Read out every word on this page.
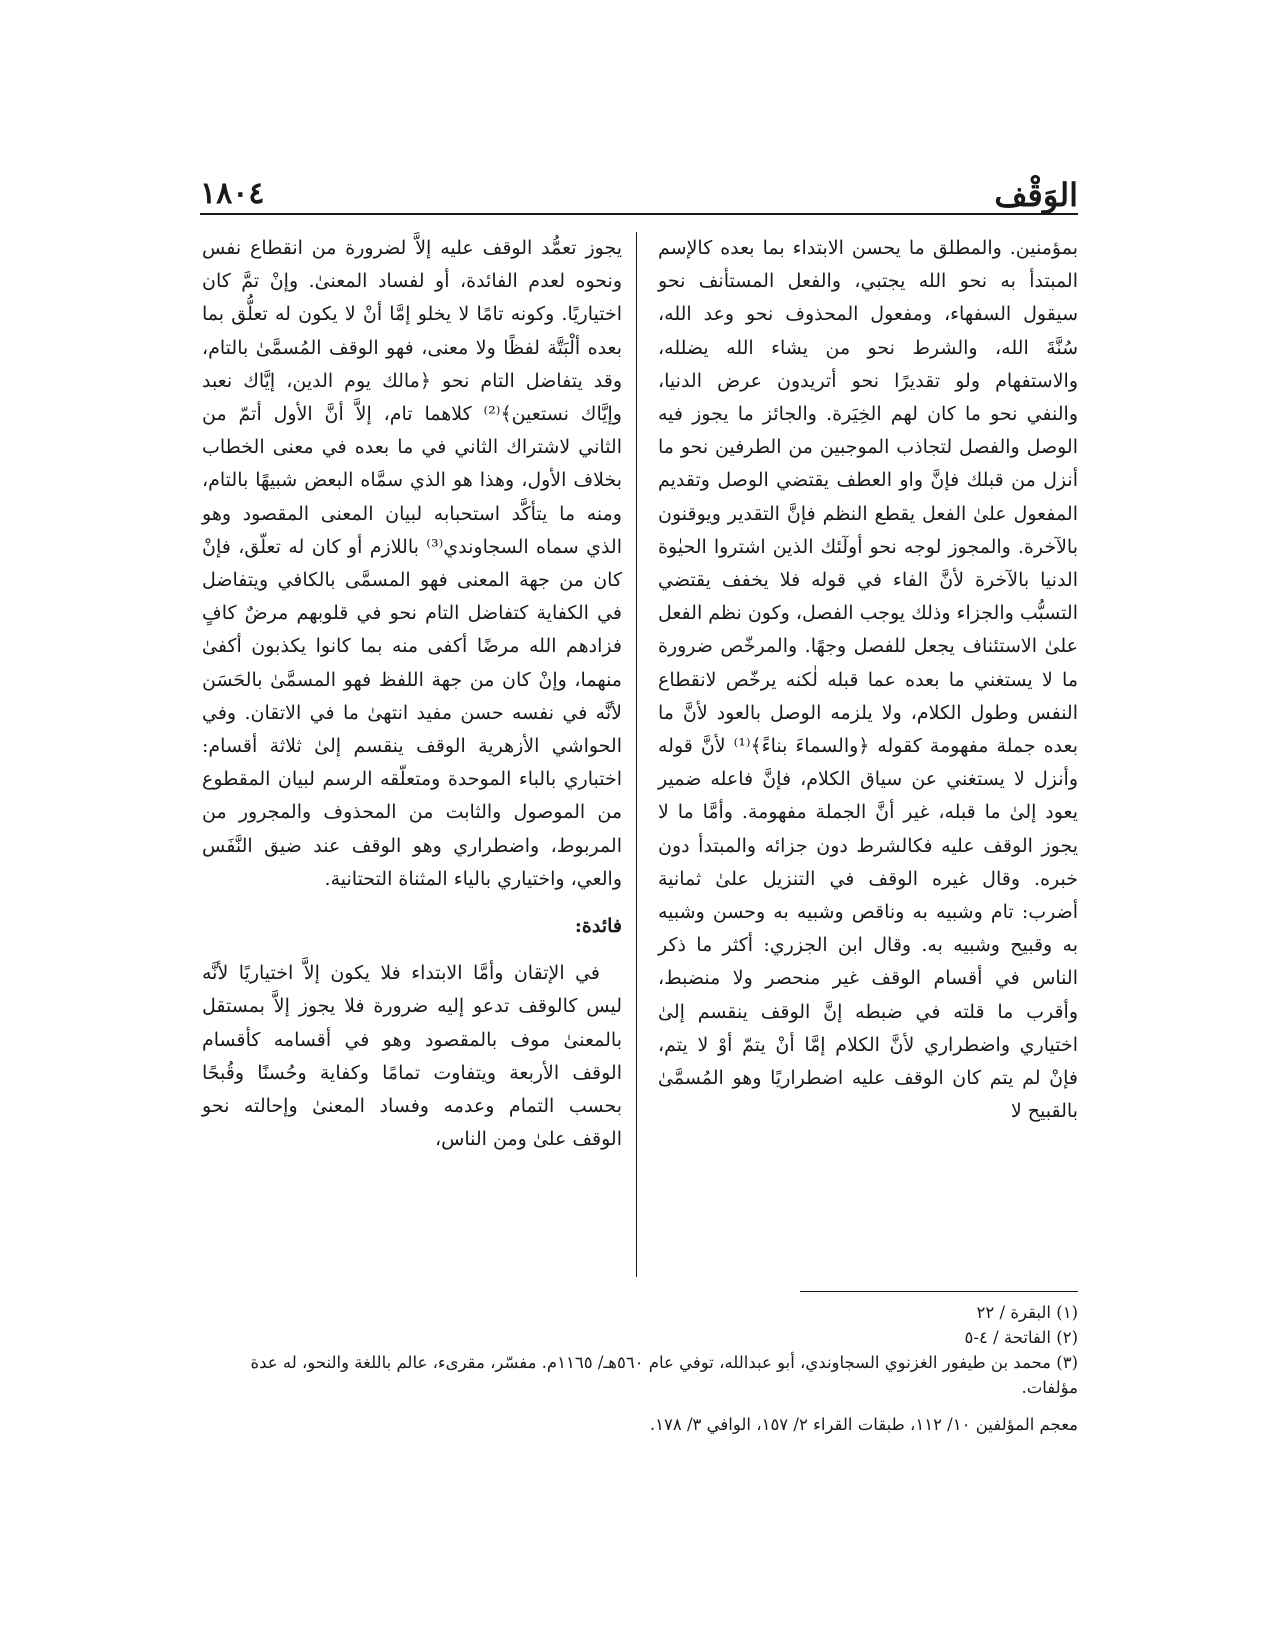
الوَقْف
١٨٠٤

بمؤمنين. والمطلق ما يحسن الابتداء بما بعده كالإسم المبتدأ به نحو الله يجتبي، والفعل المستأنف نحو سيقول السفهاء، ومفعول المحذوف نحو وعد الله، سُنَّةَ الله، والشرط نحو من يشاء الله يضلله، والاستفهام ولو تقديرًا نحو أتريدون عرض الدنيا، والنفي نحو ما كان لهم الخِيَرة. والجائز ما يجوز فيه الوصل والفصل لتجاذب الموجبين من الطرفين نحو ما أنزل من قبلك فإنَّ واو العطف يقتضي الوصل وتقديم المفعول علىٰ الفعل يقطع النظم فإنَّ التقدير ويوقنون بالآخرة. والمجوز لوجه نحو أولٓئك الذين اشتروا الحيٰوة الدنيا بالآخرة لأنَّ الفاء في قوله فلا يخفف يقتضي التسبُّب والجزاء وذلك يوجب الفصل، وكون نظم الفعل علىٰ الاستئناف يجعل للفصل وجهًا. والمرخّص ضرورة ما لا يستغني ما بعده عما قبله لٰكنه يرخّص لانقطاع النفس وطول الكلام، ولا يلزمه الوصل بالعود لأنَّ ما بعده جملة مفهومة كقوله ﴿والسماءَ بناءً﴾⁽¹⁾ لأنَّ قوله وأنزل لا يستغني عن سياق الكلام، فإنَّ فاعله ضمير يعود إلىٰ ما قبله، غير أنَّ الجملة مفهومة. وأمَّا ما لا يجوز الوقف عليه فكالشرط دون جزائه والمبتدأ دون خبره. وقال غيره الوقف في التنزيل علىٰ ثمانية أضرب: تام وشبيه به وناقص وشبيه به وحسن وشبيه به وقبيح وشبيه به. وقال ابن الجزري: أكثر ما ذكر الناس في أقسام الوقف غير منحصر ولا منضبط، وأقرب ما قلته في ضبطه إنَّ الوقف ينقسم إلىٰ اختياري واضطراري لأنَّ الكلام إمَّا أنْ يتمّ أوْ لا يتم، فإنْ لم يتم كان الوقف عليه اضطراريًا وهو المُسمَّىٰ بالقبيح لا

يجوز تعمُّد الوقف عليه إلاَّ لضرورة من انقطاع نفس ونحوه لعدم الفائدة، أو لفساد المعنىٰ. وإنْ تمَّ كان اختياريًا. وكونه تامًا لا يخلو إمَّا أنْ لا يكون له تعلُّق بما بعده ألْبَتَّة لفظًا ولا معنى، فهو الوقف المُسمَّىٰ بالتام، وقد يتفاضل التام نحو ﴿مالك يوم الدين، إيَّاك نعبد وإيَّاك نستعين﴾⁽²⁾ كلاهما تام، إلاَّ أنَّ الأول أتمّ من الثاني لاشتراك الثاني في ما بعده في معنى الخطاب بخلاف الأول، وهذا هو الذي سمَّاه البعض شبيهًا بالتام، ومنه ما يتأكَّد استحبابه لبيان المعنى المقصود وهو الذي سماه السجاوندي⁽³⁾ باللازم أو كان له تعلّق، فإنْ كان من جهة المعنى فهو المسمَّى بالكافي ويتفاضل في الكفاية كتفاضل التام نحو في قلوبهم مرضٌ كافٍ فزادهم الله مرضًا أكفى منه بما كانوا يكذبون أكفىٰ منهما، وإنْ كان من جهة اللفظ فهو المسمَّىٰ بالحَسَن لأنَّه في نفسه حسن مفيد انتهىٰ ما في الاتقان. وفي الحواشي الأزهرية الوقف ينقسم إلىٰ ثلاثة أقسام: اختباري بالباء الموحدة ومتعلّقه الرسم لبيان المقطوع من الموصول والثابت من المحذوف والمجرور من المربوط، واضطراري وهو الوقف عند ضيق النَّفَس والعي، واختياري بالياء المثناة التحتانية.

فائدة:

في الإتقان وأمَّا الابتداء فلا يكون إلاَّ اختياريًا لأنَّه ليس كالوقف تدعو إليه ضرورة فلا يجوز إلاَّ بمستقل بالمعنىٰ موف بالمقصود وهو في أقسامه كأقسام الوقف الأربعة ويتفاوت تمامًا وكفاية وحُسنًا وقُبحًا بحسب التمام وعدمه وفساد المعنىٰ وإحالته نحو الوقف علىٰ ومن الناس،

(١) البقرة / ٢٢

(٢) الفاتحة / ٤-٥

(٣) محمد بن طيفور الغزنوي السجاوندي، أبو عبدالله، توفي عام ٥٦٠هـ/ ١١٦٥م. مفسّر، مقرىء، عالم باللغة والنحو، له عدة مؤلفات.

معجم المؤلفين ١٠/ ١١٢، طبقات القراء ٢/ ١٥٧، الوافي ٣/ ١٧٨.
